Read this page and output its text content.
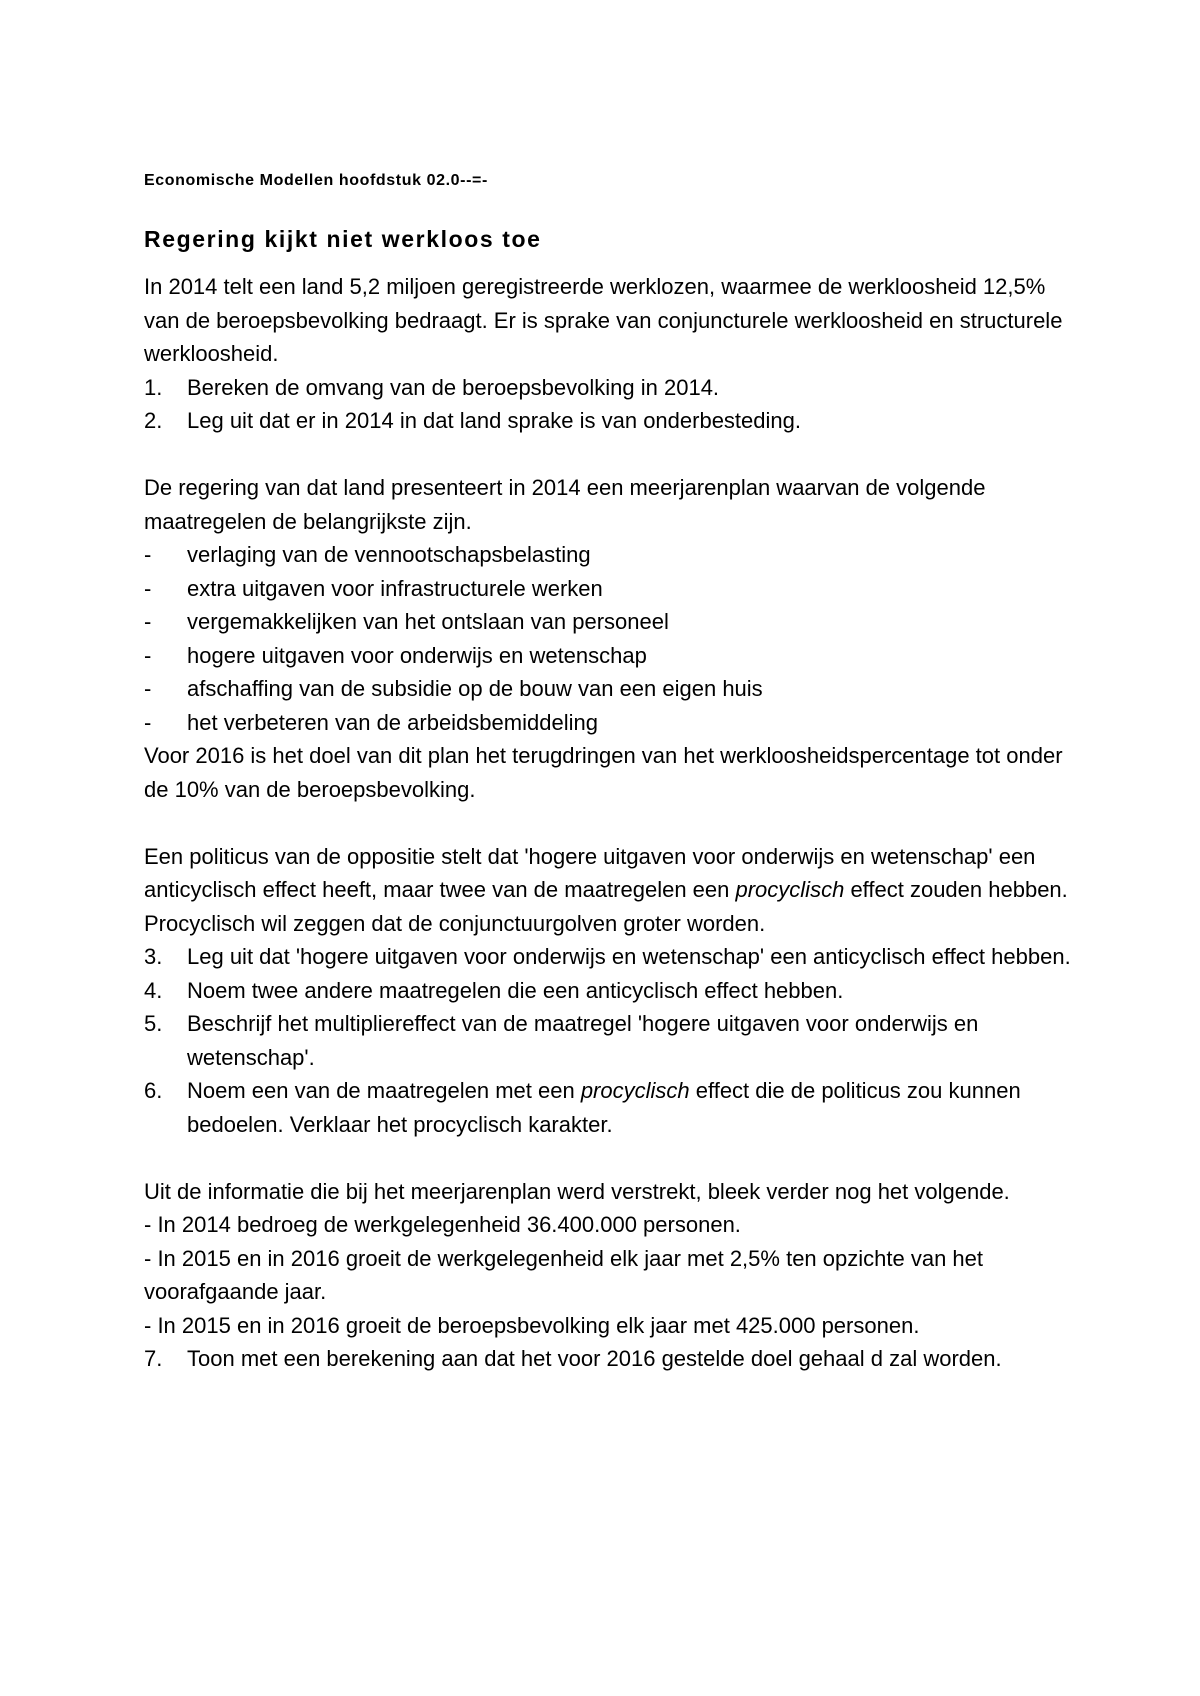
Economische Modellen hoofdstuk 02.0--=-
Regering kijkt niet werkloos toe

In 2014 telt een land 5,2 miljoen geregistreerde werklozen, waarmee de werkloosheid 12,5% van de beroepsbevolking bedraagt. Er is sprake van conjuncturele werkloosheid en structurele werkloosheid.

1. Bereken de omvang van de beroepsbevolking in 2014.
2. Leg uit dat er in 2014 in dat land sprake is van onderbesteding.

De regering van dat land presenteert in 2014 een meerjarenplan waarvan de volgende maatregelen de belangrijkste zijn.

- verlaging van de vennootschapsbelasting
- extra uitgaven voor infrastructurele werken
- vergemakkelijken van het ontslaan van personeel
- hogere uitgaven voor onderwijs en wetenschap
- afschaffing van de subsidie op de bouw van een eigen huis
- het verbeteren van de arbeidsbemiddeling

Voor 2016 is het doel van dit plan het terugdringen van het werkloosheidspercentage tot onder de 10% van de beroepsbevolking.

Een politicus van de oppositie stelt dat 'hogere uitgaven voor onderwijs en wetenschap' een anticyclisch effect heeft, maar twee van de maatregelen een procyclisch effect zouden hebben. Procyclisch wil zeggen dat de conjunctuurgolven groter worden.

3. Leg uit dat 'hogere uitgaven voor onderwijs en wetenschap' een anticyclisch effect hebben.
4. Noem twee andere maatregelen die een anticyclisch effect hebben.
5. Beschrijf het multipliereffect van de maatregel 'hogere uitgaven voor onderwijs en wetenschap'.
6. Noem een van de maatregelen met een procyclisch effect die de politicus zou kunnen bedoelen. Verklaar het procyclisch karakter.

Uit de informatie die bij het meerjarenplan werd verstrekt, bleek verder nog het volgende.

- In 2014 bedroeg de werkgelegenheid 36.400.000 personen.

- In 2015 en in 2016 groeit de werkgelegenheid elk jaar met 2,5% ten opzichte van het voorafgaande jaar.

- In 2015 en in 2016 groeit de beroepsbevolking elk jaar met 425.000 personen.

7. Toon met een berekening aan dat het voor 2016 gestelde doel gehaal d zal worden.
